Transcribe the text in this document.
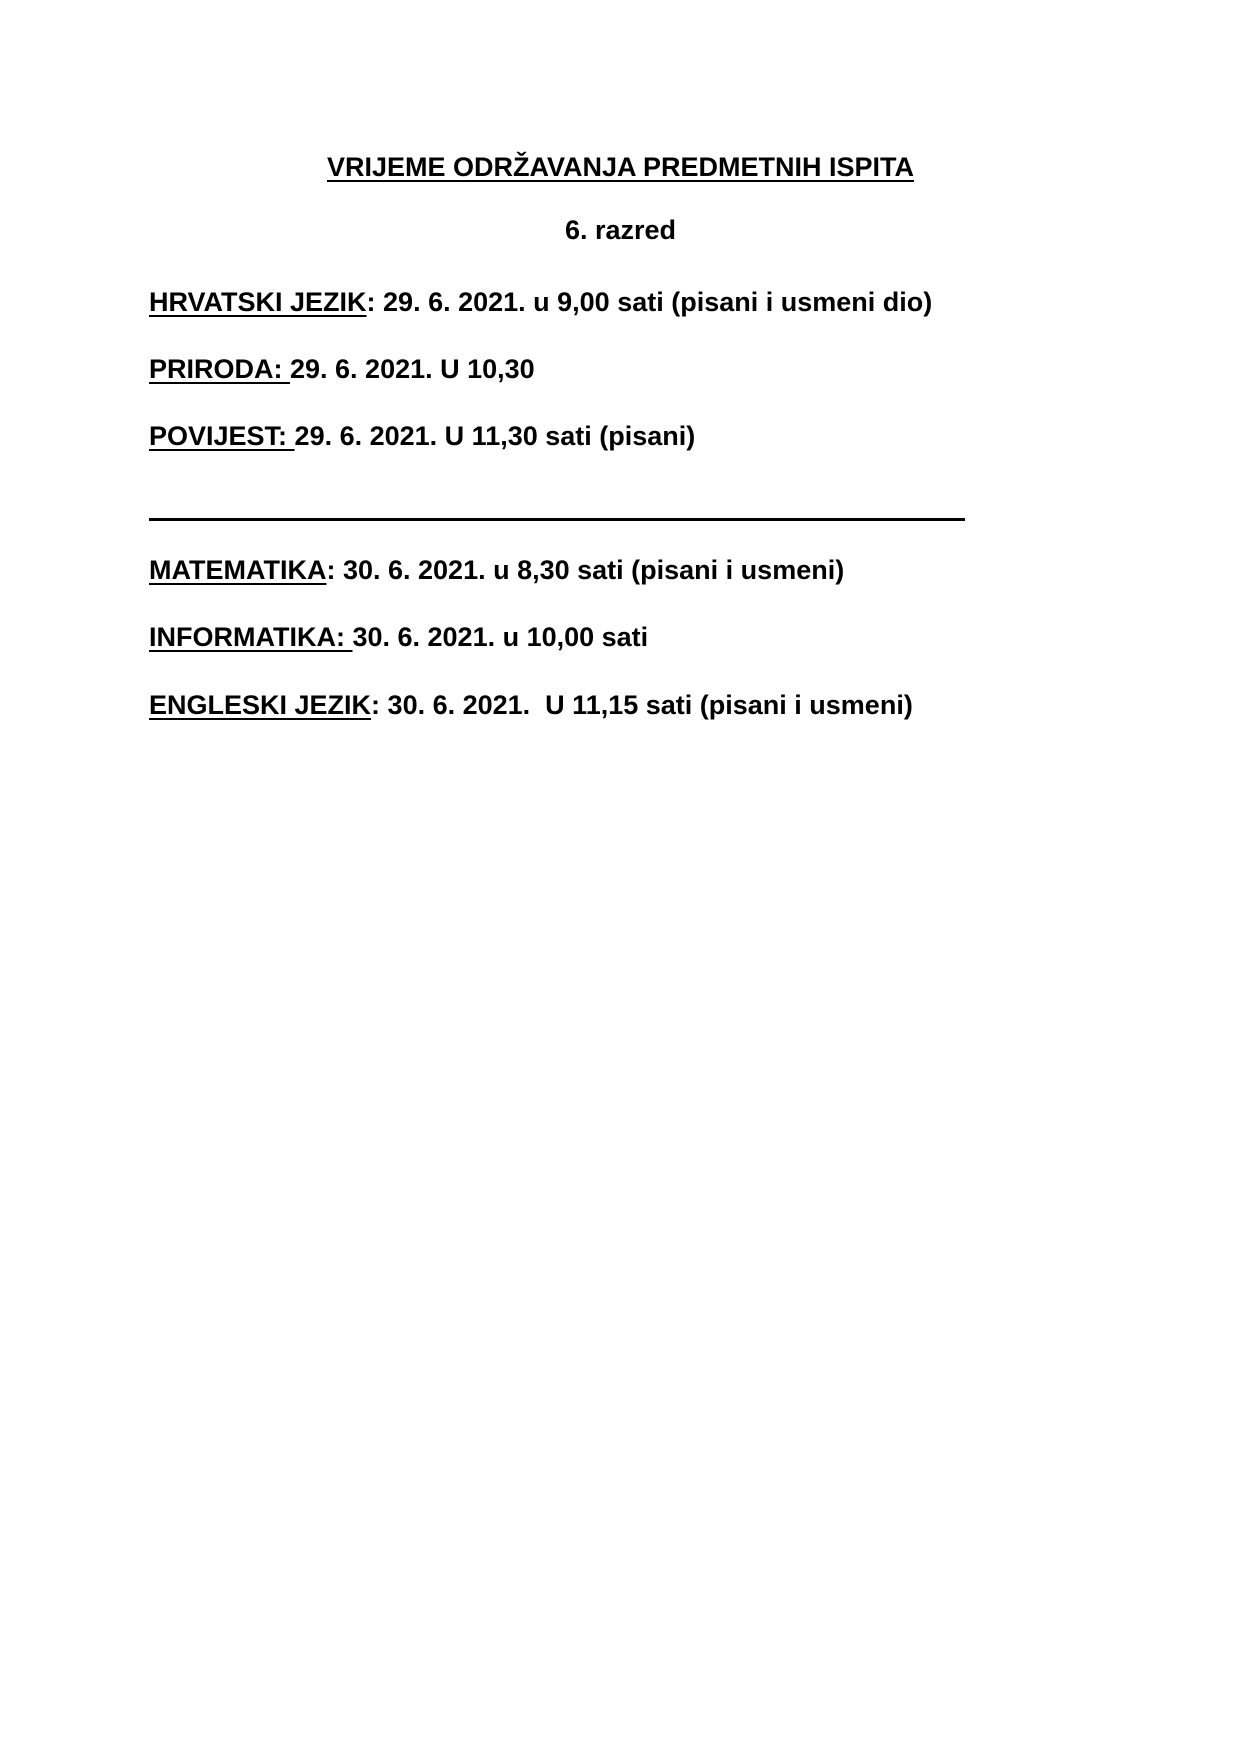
VRIJEME ODRŽAVANJA PREDMETNIH ISPITA
6. razred
HRVATSKI JEZIK: 29. 6. 2021. u 9,00 sati (pisani i usmeni dio)
PRIRODA: 29. 6. 2021. U 10,30
POVIJEST: 29. 6. 2021. U 11,30 sati (pisani)
MATEMATIKA: 30. 6. 2021. u 8,30 sati (pisani i usmeni)
INFORMATIKA: 30. 6. 2021. u 10,00 sati
ENGLESKI JEZIK: 30. 6. 2021.  U 11,15 sati (pisani i usmeni)
